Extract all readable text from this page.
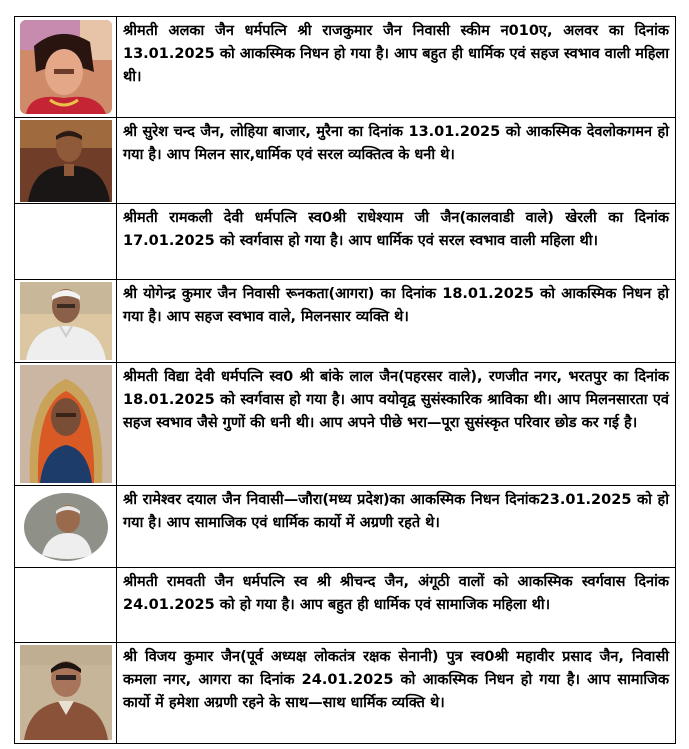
	श्रीमती अलका जैन धर्मपत्नि श्री राजकुमार जैन निवासी स्कीम न010ए, अलवर का दिनांक 13.01.2025 को आकस्मिक निधन हो गया है। आप बहुत ही धार्मिक एवं सहज स्वभाव वाली महिला थी।

	श्री सुरेश चन्द जैन, लोहिया बाजार, मुरैना का दिनांक 13.01.2025 को आकस्मिक देवलोकगमन हो गया है। आप मिलन सार,धार्मिक एवं सरल व्यक्तित्व के धनी थे।
	श्रीमती रामकली देवी धर्मपत्नि स्व0श्री राधेश्याम जी जैन(कालवाडी वाले) खेरली का दिनांक 17.01.2025 को स्वर्गवास हो गया है। आप धार्मिक एवं सरल स्वभाव वाली महिला थी।

	श्री योगेन्द्र कुमार जैन निवासी रूनकता(आगरा) का दिनांक 18.01.2025 को आकस्मिक निधन हो गया है। आप सहज स्वभाव वाले, मिलनसार व्यक्ति थे।

	श्रीमती विद्या देवी धर्मपत्नि स्व0 श्री बांके लाल जैन(पहरसर वाले), रणजीत नगर, भरतपुर का दिनांक 18.01.2025 को स्वर्गवास हो गया है। आप वयोवृद्व सुसंस्कारिक श्राविका थी। आप मिलनसारता एवं सहज स्वभाव जैसे गुणों की धनी थी। आप अपने पीछे भरा—पूरा सुसंस्कृत परिवार छोड कर गई है।

	श्री रामेश्वर दयाल जैन निवासी—जौरा(मध्य प्रदेश)का आकस्मिक निधन दिनांक23.01.2025 को हो गया है। आप सामाजिक एवं धार्मिक कार्यो में अग्रणी रहते थे।
	श्रीमती रामवती जैन धर्मपत्नि स्व श्री श्रीचन्द जैन, अंगूठी वालों को आकस्मिक स्वर्गवास दिनांक 24.01.2025 को हो गया है। आप बहुत ही धार्मिक एवं सामाजिक महिला थी।

	श्री विजय कुमार जैन(पूर्व अध्यक्ष लोकतंत्र रक्षक सेनानी) पुत्र स्व0श्री महावीर प्रसाद जैन, निवासी कमला नगर, आगरा का दिनांक 24.01.2025 को आकस्मिक निधन हो गया है। आप सामाजिक कार्यो में हमेशा अग्रणी रहने के साथ—साथ धार्मिक व्यक्ति थे।
